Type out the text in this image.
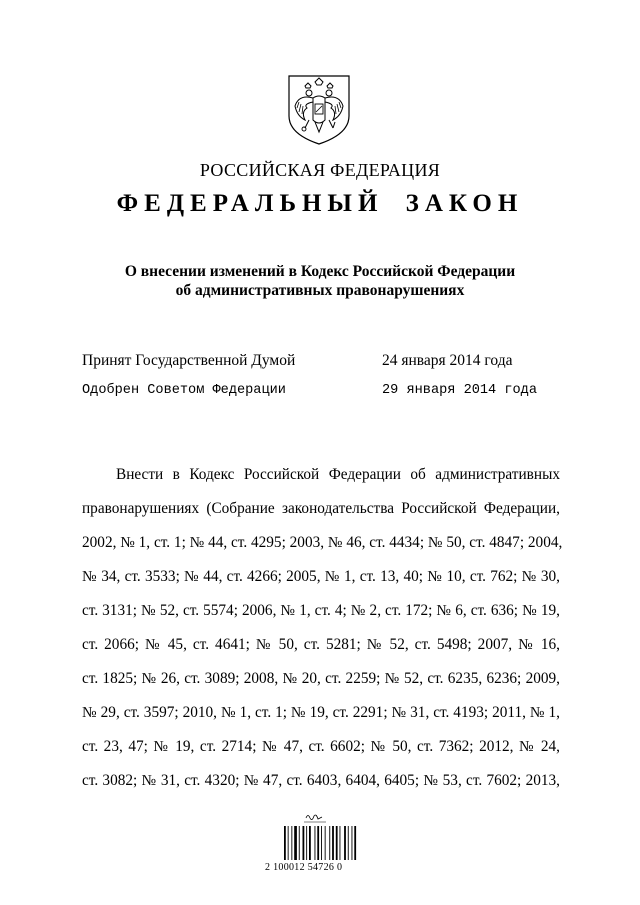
РОССИЙСКАЯ ФЕДЕРАЦИЯ
ФЕДЕРАЛЬНЫЙ ЗАКОН
О внесении изменений в Кодекс Российской Федерации
об административных правонарушениях
Принят Государственной Думой	24 января 2014 года
Одобрен Советом Федерации	29 января 2014 года
Внести в Кодекс Российской Федерации об административных
правонарушениях (Собрание законодательства Российской Федерации,
2002, № 1, ст. 1; № 44, ст. 4295; 2003, № 46, ст. 4434; № 50, ст. 4847; 2004,
№ 34, ст. 3533; № 44, ст. 4266; 2005, № 1, ст. 13, 40; № 10, ст. 762; № 30,
ст. 3131; № 52, ст. 5574; 2006, № 1, ст. 4; № 2, ст. 172; № 6, ст. 636; № 19,
ст. 2066; № 45, ст. 4641; № 50, ст. 5281; № 52, ст. 5498; 2007, № 16,
ст. 1825; № 26, ст. 3089; 2008, № 20, ст. 2259; № 52, ст. 6235, 6236; 2009,
№ 29, ст. 3597; 2010, № 1, ст. 1; № 19, ст. 2291; № 31, ст. 4193; 2011, № 1,
ст. 23, 47; № 19, ст. 2714; № 47, ст. 6602; № 50, ст. 7362; 2012, № 24,
ст. 3082; № 31, ст. 4320; № 47, ст. 6403, 6404, 6405; № 53, ст. 7602; 2013,
2 100012 54726 0
